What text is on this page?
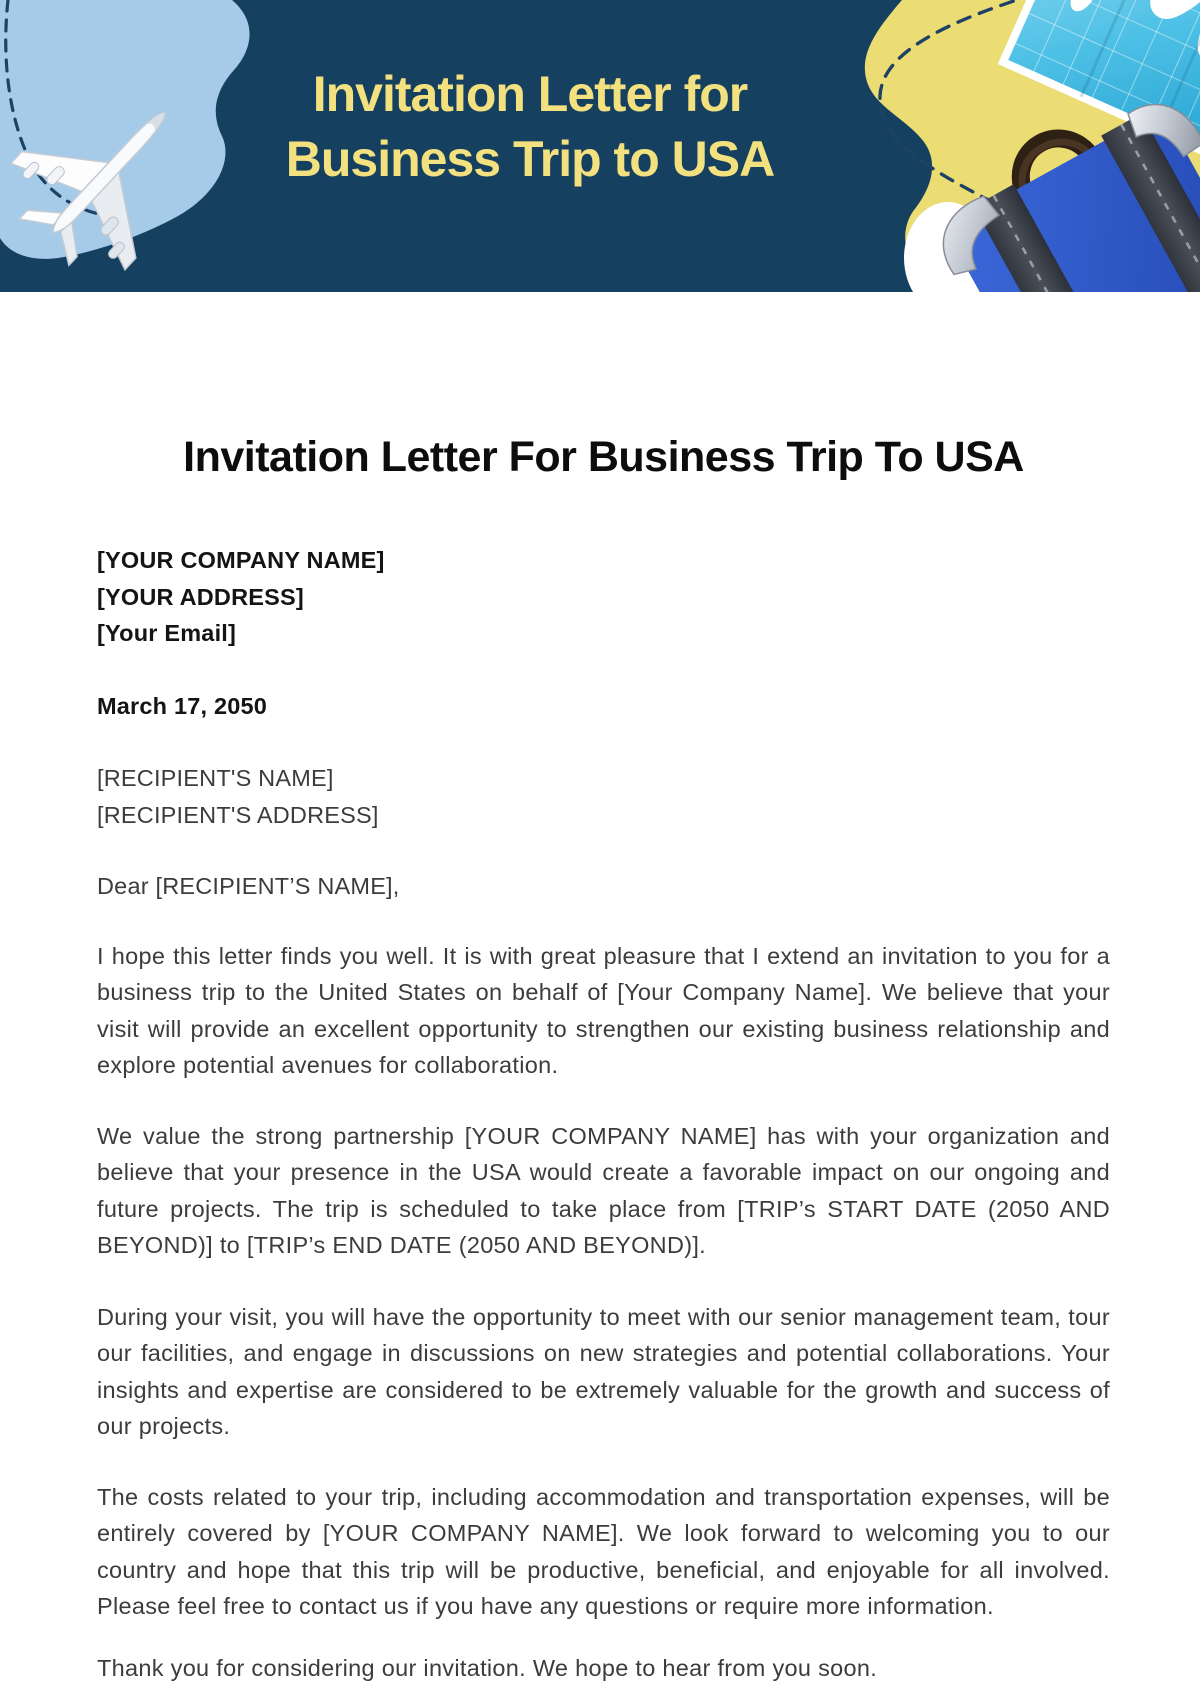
Invitation Letter for
Business Trip to USA
Invitation Letter For Business Trip To USA
[YOUR COMPANY NAME]
[YOUR ADDRESS]
[Your Email]
March 17, 2050
[RECIPIENT'S NAME]
[RECIPIENT'S ADDRESS]
Dear [RECIPIENT’S NAME],

I hope this letter finds you well. It is with great pleasure that I extend an invitation to you for a business trip to the United States on behalf of [Your Company Name]. We believe that your visit will provide an excellent opportunity to strengthen our existing business relationship and explore potential avenues for collaboration.

We value the strong partnership [YOUR COMPANY NAME] has with your organization and believe that your presence in the USA would create a favorable impact on our ongoing and future projects. The trip is scheduled to take place from [TRIP’s START DATE (2050 AND BEYOND)] to [TRIP’s END DATE (2050 AND BEYOND)].

During your visit, you will have the opportunity to meet with our senior management team, tour our facilities, and engage in discussions on new strategies and potential collaborations. Your insights and expertise are considered to be extremely valuable for the growth and success of our projects.

The costs related to your trip, including accommodation and transportation expenses, will be entirely covered by [YOUR COMPANY NAME]. We look forward to welcoming you to our country and hope that this trip will be productive, beneficial, and enjoyable for all involved. Please feel free to contact us if you have any questions or require more information.

Thank you for considering our invitation. We hope to hear from you soon.
